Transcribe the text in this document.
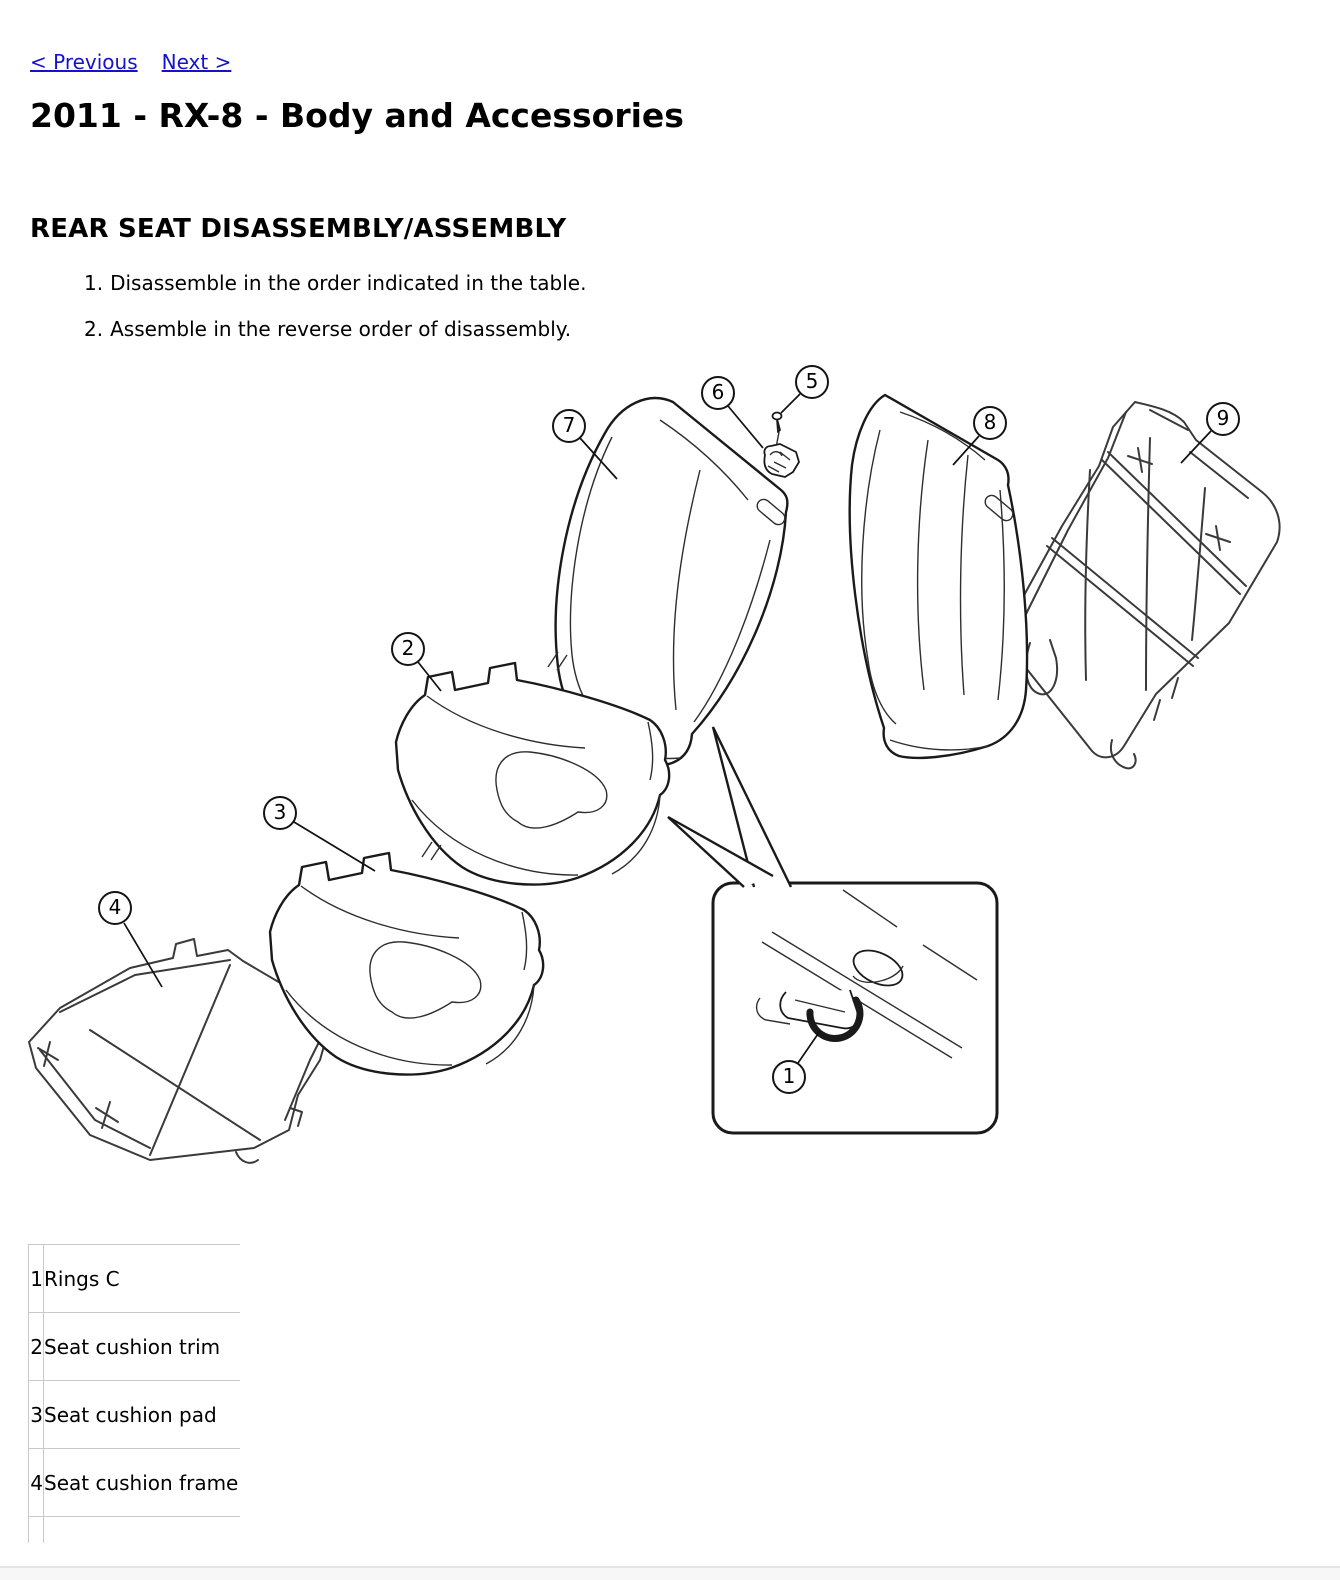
< Previous Next >
2011 - RX-8 - Body and Accessories
REAR SEAT DISASSEMBLY/ASSEMBLY
1. Disassemble in the order indicated in the table.
2. Assemble in the reverse order of disassembly.
1
2
3
4
5
6
7	8	9
1	Rings C
2	Seat cushion trim
3	Seat cushion pad
4	Seat cushion frame
